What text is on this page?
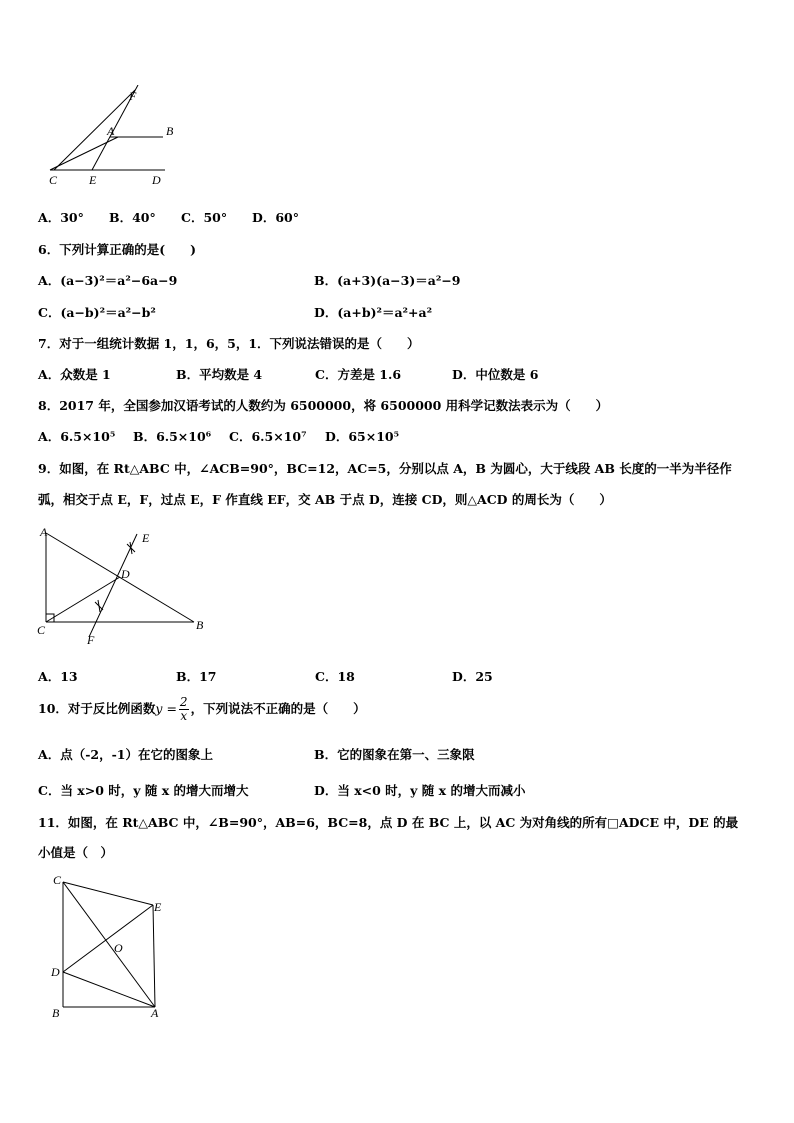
F
A	B
C	E	D
A．30° B．40° C．50° D．60°
6．下列计算正确的是(　　)
A．(a−3)²＝a²−6a−9	B．(a+3)(a−3)＝a²−9
C．(a−b)²＝a²−b²	D．(a+b)²＝a²+a²
7．对于一组统计数据 1，1，6，5，1．下列说法错误的是（　　）
A．众数是 1	B．平均数是 4	C．方差是 1.6	D．中位数是 6
8．2017 年，全国参加汉语考试的人数约为 6500000，将 6500000 用科学记数法表示为（　　）
A．6.5×10⁵ B．6.5×10⁶ C．6.5×10⁷ D．65×10⁵
9．如图，在 Rt△ABC 中，∠ACB=90°，BC=12，AC=5，分别以点 A，B 为圆心，大于线段 AB 长度的一半为半径作
弧，相交于点 E，F，过点 E，F 作直线 EF，交 AB 于点 D，连接 CD，则△ACD 的周长为（　　）
A	E
D
C
F
B
A．13	B．17	C．18	D．25
10．对于反比例函数$y = \frac{2}{x}$ ，下列说法不正确的是（　　）
A．点（-2，-1）在它的图象上	B．它的图象在第一、三象限
C．当 x>0 时，y 随 x 的增大而增大	D．当 x<0 时，y 随 x 的增大而减小
11．如图，在 Rt△ABC 中，∠B=90°，AB=6，BC=8，点 D 在 BC 上，以 AC 为对角线的所有□ADCE 中，DE 的最
小值是（　）
C
E
O
D
B	A
